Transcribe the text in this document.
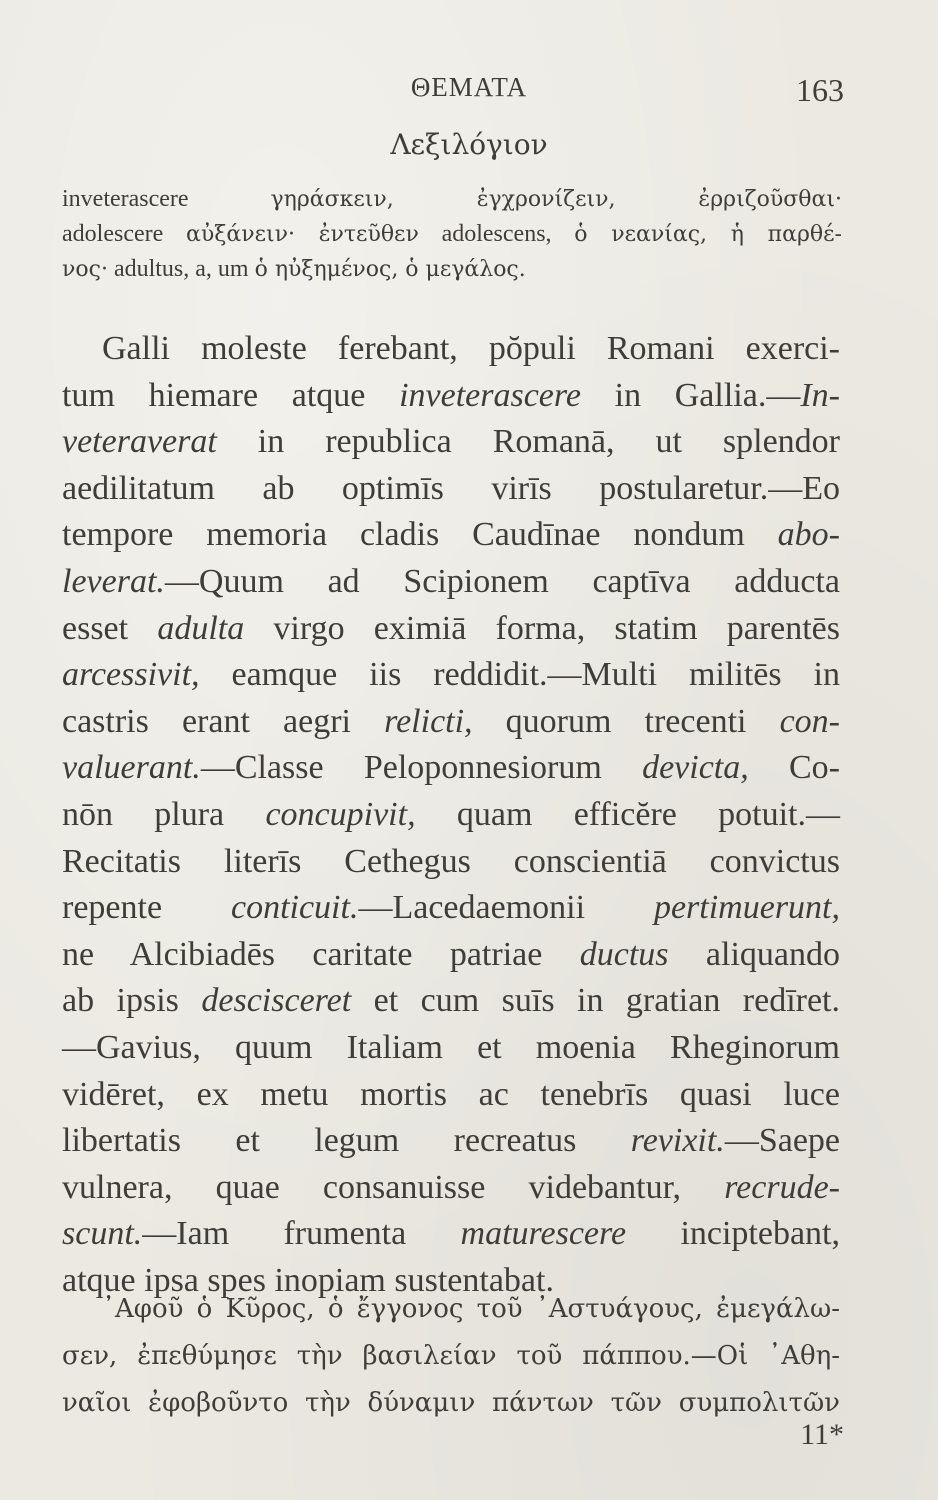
ΘΕΜΑΤΑ	163
Λεξιλόγιον
inveterascere γηράσκειν, ἐγχρονίζειν, ἐρριζοῦσθαι·
adolescere αὐξάνειν· ἐντεῦθεν adolescens, ὁ νεανίας, ἡ παρθέ-
νος· adultus, a, um ὁ ηὐξημένος, ὁ μεγάλος.
Galli moleste ferebant, pŏpuli Romani exerci-
tum hiemare atque inveterascere in Gallia.—In-
veteraverat in republica Romanā, ut splendor
aedilitatum ab optimīs virīs postularetur.—Eo
tempore memoria cladis Caudīnae nondum abo-
leverat.—Quum ad Scipionem captīva adducta
esset adulta virgo eximiā forma, statim parentēs
arcessivit, eamque iis reddidit.—Multi militēs in
castris erant aegri relicti, quorum trecenti con-
valuerant.—Classe Peloponnesiorum devicta, Co-
nōn plura concupivit, quam efficĕre potuit.—
Recitatis literīs Cethegus conscientiā convictus
repente conticuit.—Lacedaemonii pertimuerunt,
ne Alcibiadēs caritate patriae ductus aliquando
ab ipsis descisceret et cum suīs in gratian redīret.
—Gavius, quum Italiam et moenia Rheginorum
vidēret, ex metu mortis ac tenebrīs quasi luce
libertatis et legum recreatus revixit.—Saepe
vulnera, quae consanuisse videbantur, recrude-
scunt.—Iam frumenta maturescere inciptebant,
atque ipsa spes inopiam sustentabat.
᾿Αφοῦ ὁ Κῦρος, ὁ ἔγγονος τοῦ ᾿Αστυάγους, ἐμεγάλω-
σεν, ἐπεθύμησε τὴν βασιλείαν τοῦ πάππου.—Οἱ ᾿Αθη-
ναῖοι ἐφοβοῦντο τὴν δύναμιν πάντων τῶν συμπολιτῶν
11*
